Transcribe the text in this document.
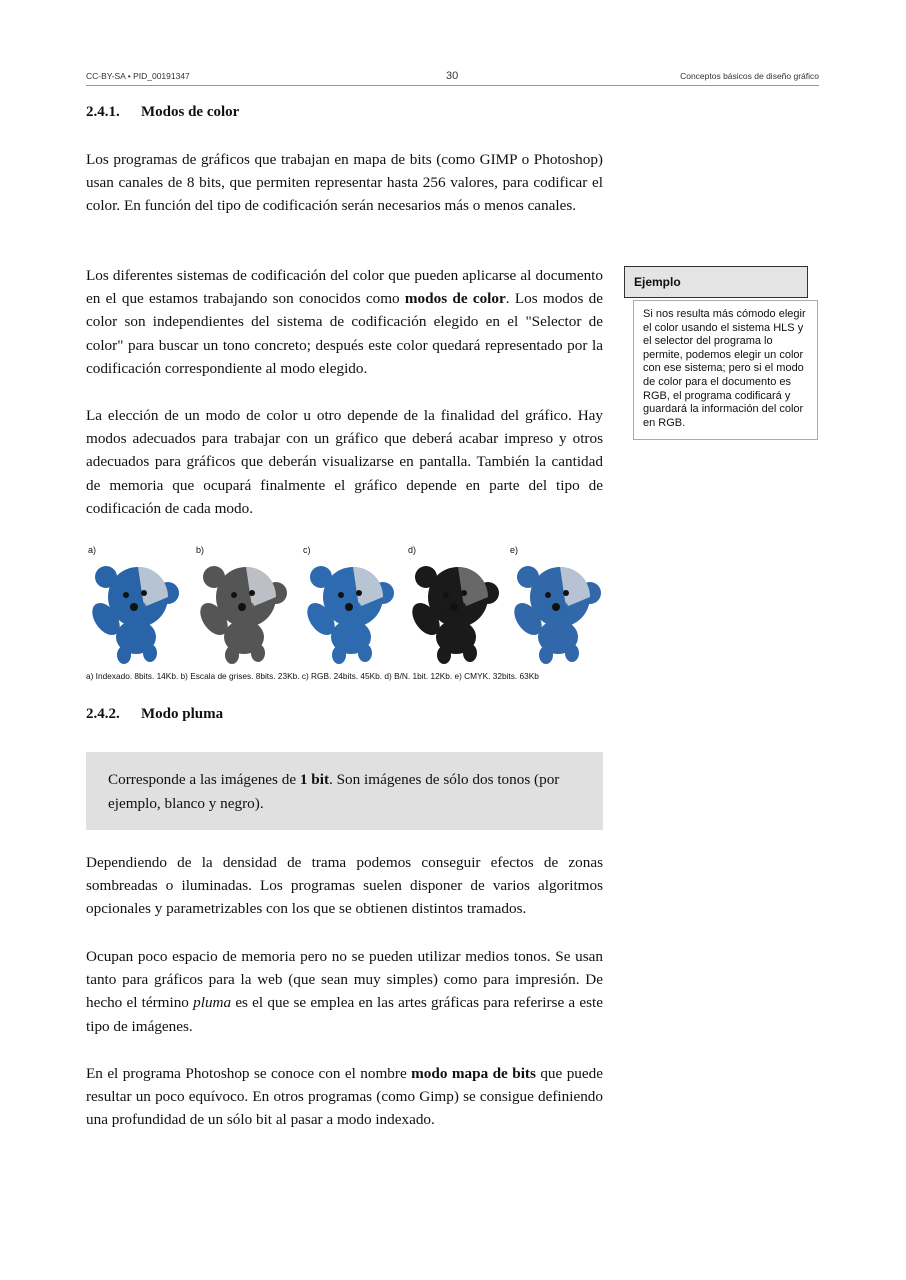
CC-BY-SA • PID_00191347	30	Conceptos básicos de diseño gráfico
2.4.1. Modos de color

Los programas de gráficos que trabajan en mapa de bits (como GIMP o Photoshop) usan canales de 8 bits, que permiten representar hasta 256 valores, para codificar el color. En función del tipo de codificación serán necesarios más o menos canales.

Los diferentes sistemas de codificación del color que pueden aplicarse al documento en el que estamos trabajando son conocidos como modos de color. Los modos de color son independientes del sistema de codificación elegido en el "Selector de color" para buscar un tono concreto; después este color quedará representado por la codificación correspondiente al modo elegido.

La elección de un modo de color u otro depende de la finalidad del gráfico. Hay modos adecuados para trabajar con un gráfico que deberá acabar impreso y otros adecuados para gráficos que deberán visualizarse en pantalla. También la cantidad de memoria que ocupará finalmente el gráfico depende en parte del tipo de codificación de cada modo.

Ejemplo
Si nos resulta más cómodo elegir el color usando el sistema HLS y el selector del programa lo permite, podemos elegir un color con ese sistema; pero si el modo de color para el documento es RGB, el programa codificará y guardará la información del color en RGB.
a)	b)	c)	d)	e)
a) Indexado. 8bits. 14Kb. b) Escala de grises. 8bits. 23Kb. c) RGB. 24bits. 45Kb. d) B/N. 1bit. 12Kb. e) CMYK. 32bits. 63Kb
2.4.2. Modo pluma
Corresponde a las imágenes de 1 bit. Son imágenes de sólo dos tonos (por ejemplo, blanco y negro).

Dependiendo de la densidad de trama podemos conseguir efectos de zonas sombreadas o iluminadas. Los programas suelen disponer de varios algoritmos opcionales y parametrizables con los que se obtienen distintos tramados.

Ocupan poco espacio de memoria pero no se pueden utilizar medios tonos. Se usan tanto para gráficos para la web (que sean muy simples) como para impresión. De hecho el término pluma es el que se emplea en las artes gráficas para referirse a este tipo de imágenes.

En el programa Photoshop se conoce con el nombre modo mapa de bits que puede resultar un poco equívoco. En otros programas (como Gimp) se consigue definiendo una profundidad de un sólo bit al pasar a modo indexado.
